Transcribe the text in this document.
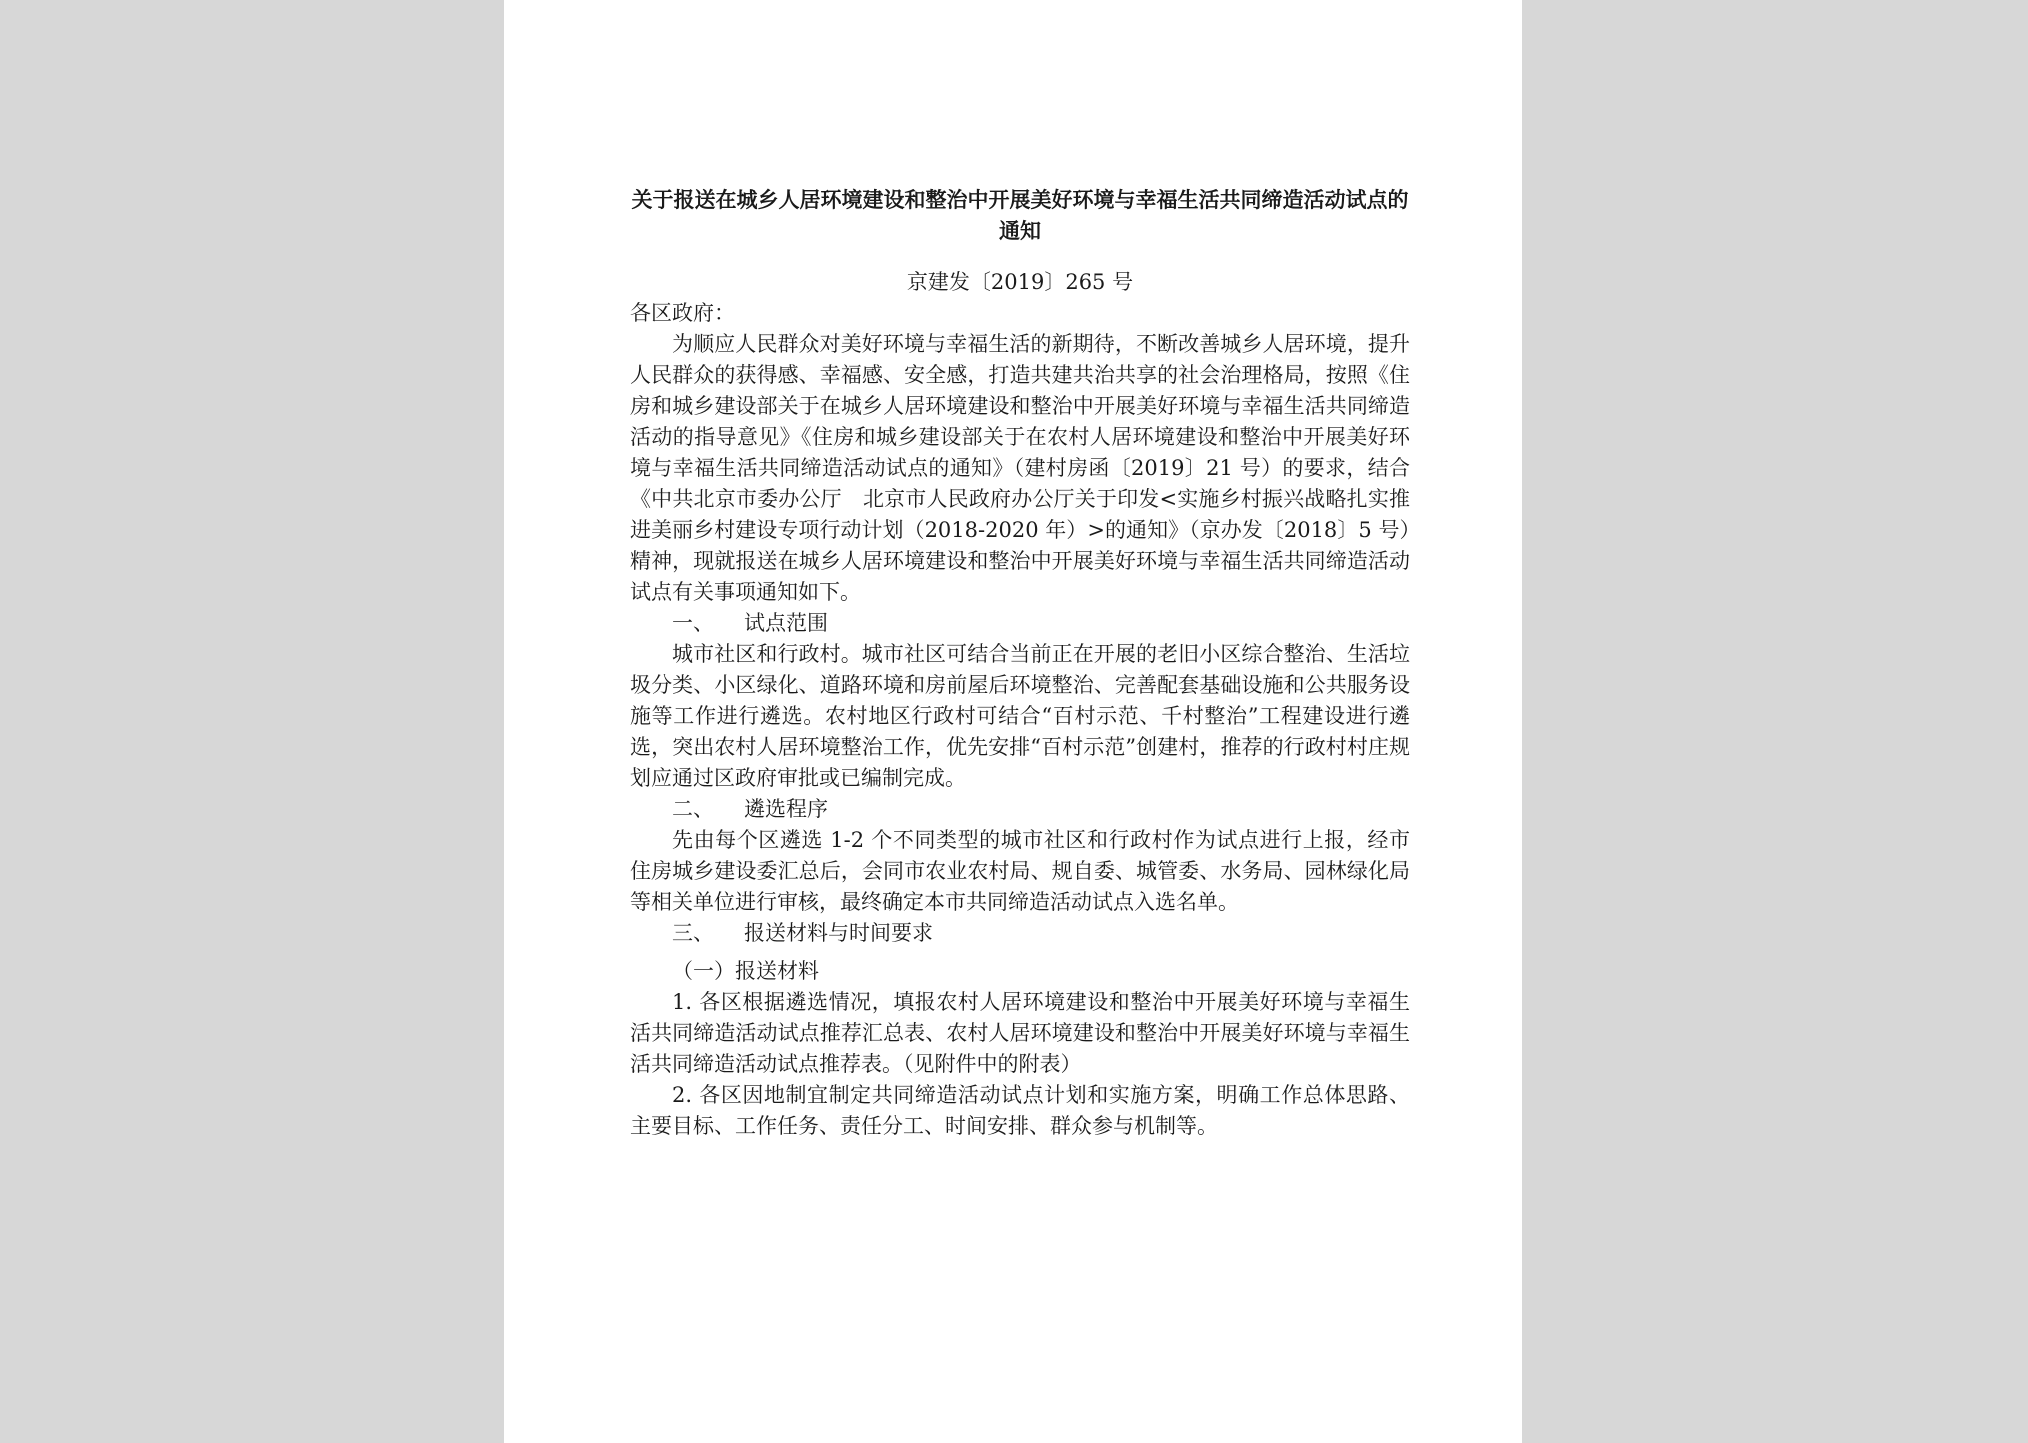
关于报送在城乡人居环境建设和整治中开展美好环境与幸福生活共同缔造活动试点的通知
京建发〔2019〕265 号

各区政府：

为顺应人民群众对美好环境与幸福生活的新期待，不断改善城乡人居环境，提升人民群众的获得感、幸福感、安全感，打造共建共治共享的社会治理格局，按照《住房和城乡建设部关于在城乡人居环境建设和整治中开展美好环境与幸福生活共同缔造活动的指导意见》《住房和城乡建设部关于在农村人居环境建设和整治中开展美好环境与幸福生活共同缔造活动试点的通知》（建村房函〔2019〕21 号）的要求，结合《中共北京市委办公厅　北京市人民政府办公厅关于印发<实施乡村振兴战略扎实推进美丽乡村建设专项行动计划（2018-2020 年）>的通知》（京办发〔2018〕5 号）精神，现就报送在城乡人居环境建设和整治中开展美好环境与幸福生活共同缔造活动试点有关事项通知如下。

一、 试点范围

城市社区和行政村。城市社区可结合当前正在开展的老旧小区综合整治、生活垃圾分类、小区绿化、道路环境和房前屋后环境整治、完善配套基础设施和公共服务设施等工作进行遴选。农村地区行政村可结合“百村示范、千村整治”工程建设进行遴选，突出农村人居环境整治工作，优先安排“百村示范”创建村，推荐的行政村村庄规划应通过区政府审批或已编制完成。

二、 遴选程序

先由每个区遴选 1-2 个不同类型的城市社区和行政村作为试点进行上报，经市住房城乡建设委汇总后，会同市农业农村局、规自委、城管委、水务局、园林绿化局等相关单位进行审核，最终确定本市共同缔造活动试点入选名单。

三、 报送材料与时间要求

（一）报送材料

1. 各区根据遴选情况，填报农村人居环境建设和整治中开展美好环境与幸福生活共同缔造活动试点推荐汇总表、农村人居环境建设和整治中开展美好环境与幸福生活共同缔造活动试点推荐表。（见附件中的附表）

2. 各区因地制宜制定共同缔造活动试点计划和实施方案，明确工作总体思路、主要目标、工作任务、责任分工、时间安排、群众参与机制等。
